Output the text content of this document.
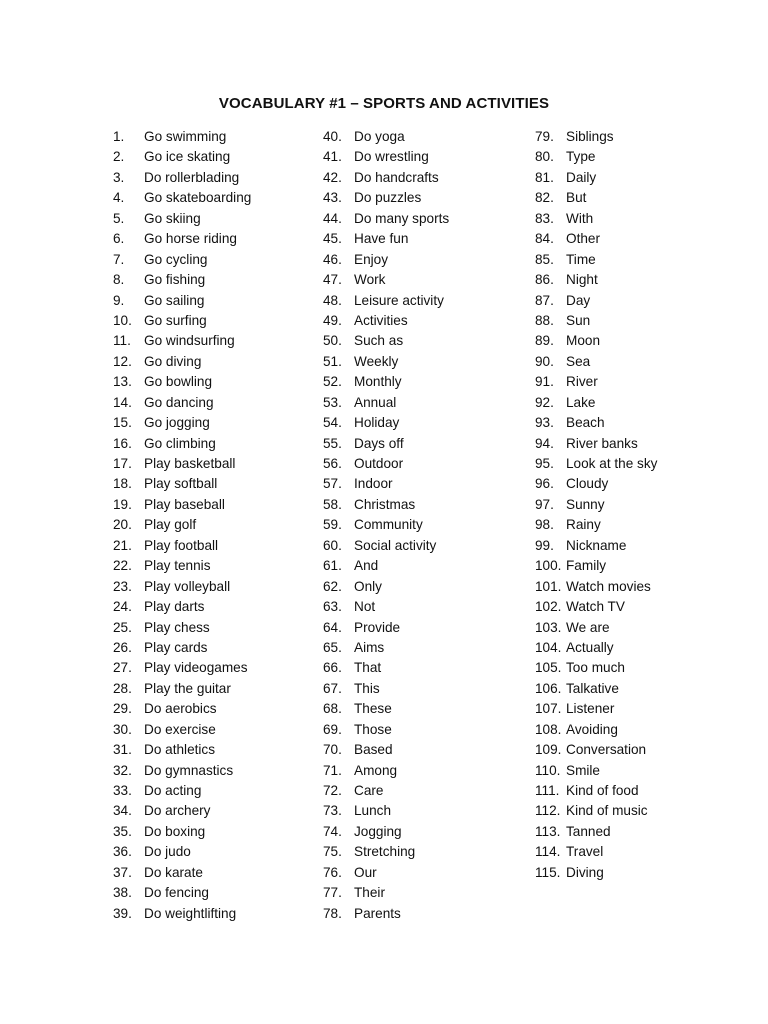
VOCABULARY #1 – SPORTS AND ACTIVITIES
1. Go swimming
2. Go ice skating
3. Do rollerblading
4. Go skateboarding
5. Go skiing
6. Go horse riding
7. Go cycling
8. Go fishing
9. Go sailing
10. Go surfing
11. Go windsurfing
12. Go diving
13. Go bowling
14. Go dancing
15. Go jogging
16. Go climbing
17. Play basketball
18. Play softball
19. Play baseball
20. Play golf
21. Play football
22. Play tennis
23. Play volleyball
24. Play darts
25. Play chess
26. Play cards
27. Play videogames
28. Play the guitar
29. Do aerobics
30. Do exercise
31. Do athletics
32. Do gymnastics
33. Do acting
34. Do archery
35. Do boxing
36. Do judo
37. Do karate
38. Do fencing
39. Do weightlifting
40. Do yoga
41. Do wrestling
42. Do handcrafts
43. Do puzzles
44. Do many sports
45. Have fun
46. Enjoy
47. Work
48. Leisure activity
49. Activities
50. Such as
51. Weekly
52. Monthly
53. Annual
54. Holiday
55. Days off
56. Outdoor
57. Indoor
58. Christmas
59. Community
60. Social activity
61. And
62. Only
63. Not
64. Provide
65. Aims
66. That
67. This
68. These
69. Those
70. Based
71. Among
72. Care
73. Lunch
74. Jogging
75. Stretching
76. Our
77. Their
78. Parents
79. Siblings
80. Type
81. Daily
82. But
83. With
84. Other
85. Time
86. Night
87. Day
88. Sun
89. Moon
90. Sea
91. River
92. Lake
93. Beach
94. River banks
95. Look at the sky
96. Cloudy
97. Sunny
98. Rainy
99. Nickname
100. Family
101. Watch movies
102. Watch TV
103. We are
104. Actually
105. Too much
106. Talkative
107. Listener
108. Avoiding
109. Conversation
110. Smile
111. Kind of food
112. Kind of music
113. Tanned
114. Travel
115. Diving
